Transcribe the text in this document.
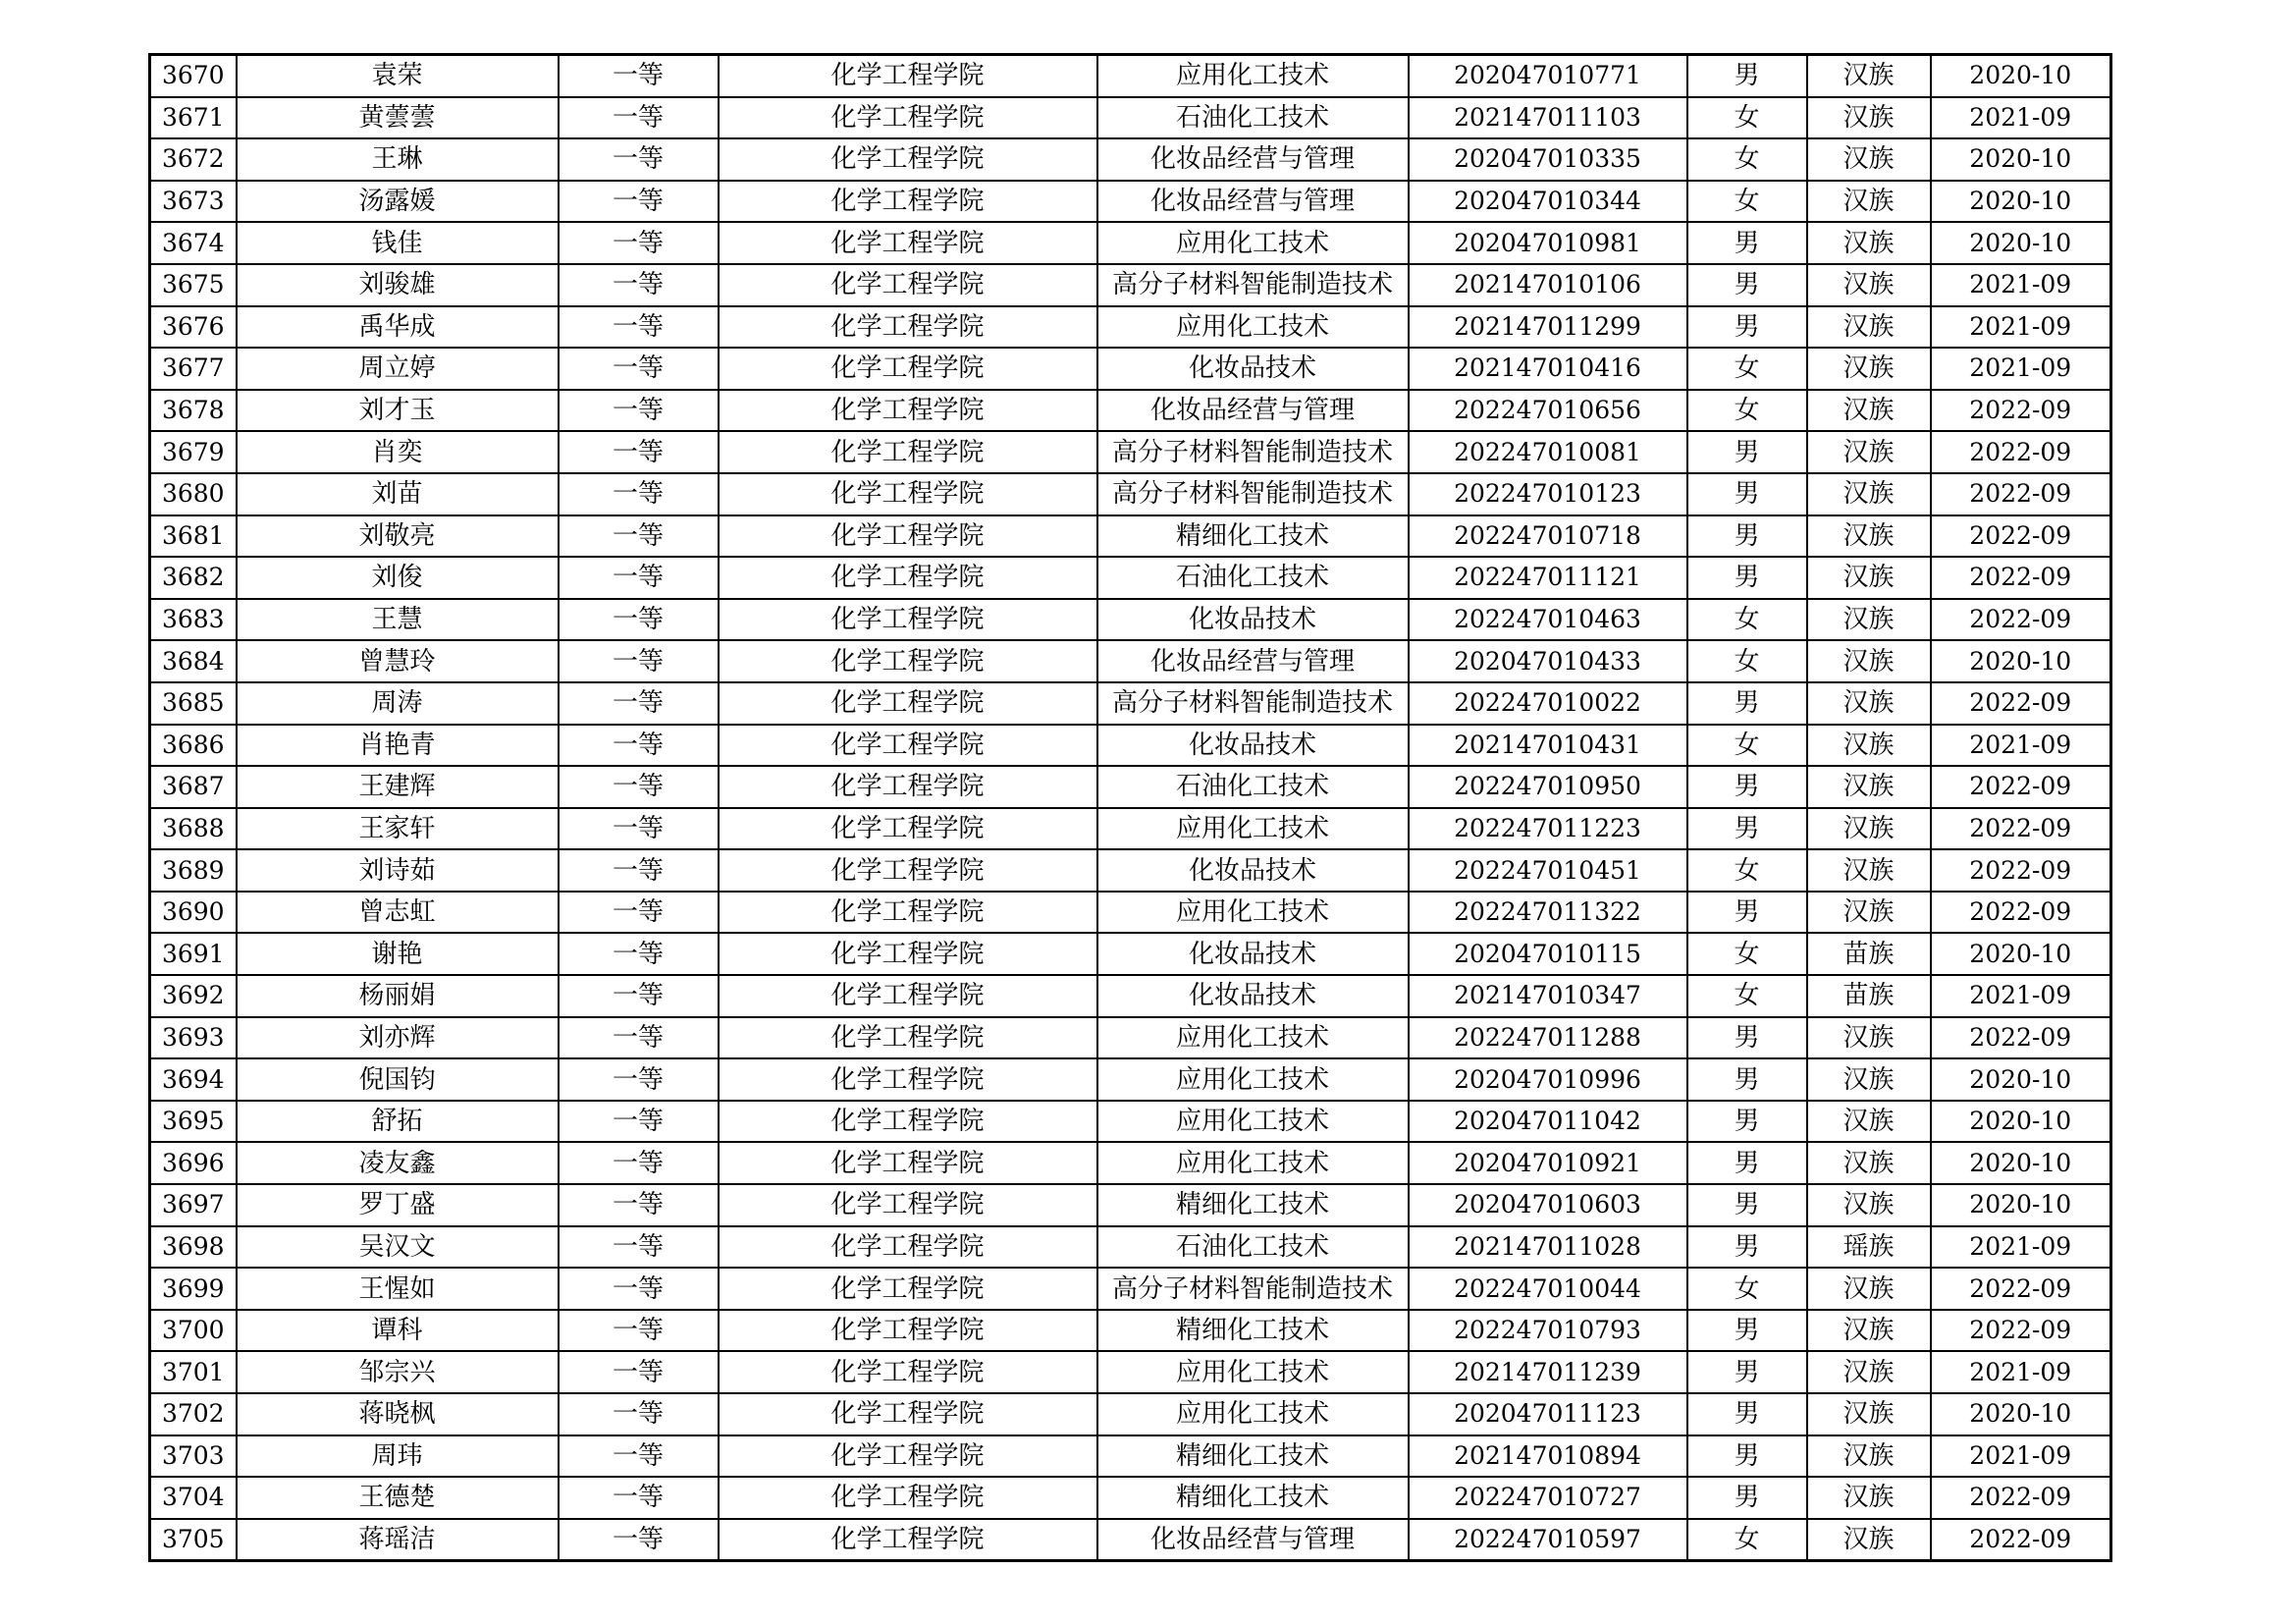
3670	袁荣	一等	化学工程学院	应用化工技术	202047010771	男	汉族	2020-10
3671	黄蕓蕓	一等	化学工程学院	石油化工技术	202147011103	女	汉族	2021-09
3672	王琳	一等	化学工程学院	化妆品经营与管理	202047010335	女	汉族	2020-10
3673	汤露媛	一等	化学工程学院	化妆品经营与管理	202047010344	女	汉族	2020-10
3674	钱佳	一等	化学工程学院	应用化工技术	202047010981	男	汉族	2020-10
3675	刘骏雄	一等	化学工程学院	高分子材料智能制造技术	202147010106	男	汉族	2021-09
3676	禹华成	一等	化学工程学院	应用化工技术	202147011299	男	汉族	2021-09
3677	周立婷	一等	化学工程学院	化妆品技术	202147010416	女	汉族	2021-09
3678	刘才玉	一等	化学工程学院	化妆品经营与管理	202247010656	女	汉族	2022-09
3679	肖奕	一等	化学工程学院	高分子材料智能制造技术	202247010081	男	汉族	2022-09
3680	刘苗	一等	化学工程学院	高分子材料智能制造技术	202247010123	男	汉族	2022-09
3681	刘敬亮	一等	化学工程学院	精细化工技术	202247010718	男	汉族	2022-09
3682	刘俊	一等	化学工程学院	石油化工技术	202247011121	男	汉族	2022-09
3683	王慧	一等	化学工程学院	化妆品技术	202247010463	女	汉族	2022-09
3684	曾慧玲	一等	化学工程学院	化妆品经营与管理	202047010433	女	汉族	2020-10
3685	周涛	一等	化学工程学院	高分子材料智能制造技术	202247010022	男	汉族	2022-09
3686	肖艳青	一等	化学工程学院	化妆品技术	202147010431	女	汉族	2021-09
3687	王建辉	一等	化学工程学院	石油化工技术	202247010950	男	汉族	2022-09
3688	王家轩	一等	化学工程学院	应用化工技术	202247011223	男	汉族	2022-09
3689	刘诗茹	一等	化学工程学院	化妆品技术	202247010451	女	汉族	2022-09
3690	曾志虹	一等	化学工程学院	应用化工技术	202247011322	男	汉族	2022-09
3691	谢艳	一等	化学工程学院	化妆品技术	202047010115	女	苗族	2020-10
3692	杨丽娟	一等	化学工程学院	化妆品技术	202147010347	女	苗族	2021-09
3693	刘亦辉	一等	化学工程学院	应用化工技术	202247011288	男	汉族	2022-09
3694	倪国钧	一等	化学工程学院	应用化工技术	202047010996	男	汉族	2020-10
3695	舒拓	一等	化学工程学院	应用化工技术	202047011042	男	汉族	2020-10
3696	凌友鑫	一等	化学工程学院	应用化工技术	202047010921	男	汉族	2020-10
3697	罗丁盛	一等	化学工程学院	精细化工技术	202047010603	男	汉族	2020-10
3698	吴汉文	一等	化学工程学院	石油化工技术	202147011028	男	瑶族	2021-09
3699	王惺如	一等	化学工程学院	高分子材料智能制造技术	202247010044	女	汉族	2022-09
3700	谭科	一等	化学工程学院	精细化工技术	202247010793	男	汉族	2022-09
3701	邹宗兴	一等	化学工程学院	应用化工技术	202147011239	男	汉族	2021-09
3702	蒋晓枫	一等	化学工程学院	应用化工技术	202047011123	男	汉族	2020-10
3703	周玮	一等	化学工程学院	精细化工技术	202147010894	男	汉族	2021-09
3704	王德楚	一等	化学工程学院	精细化工技术	202247010727	男	汉族	2022-09
3705	蒋瑶洁	一等	化学工程学院	化妆品经营与管理	202247010597	女	汉族	2022-09
